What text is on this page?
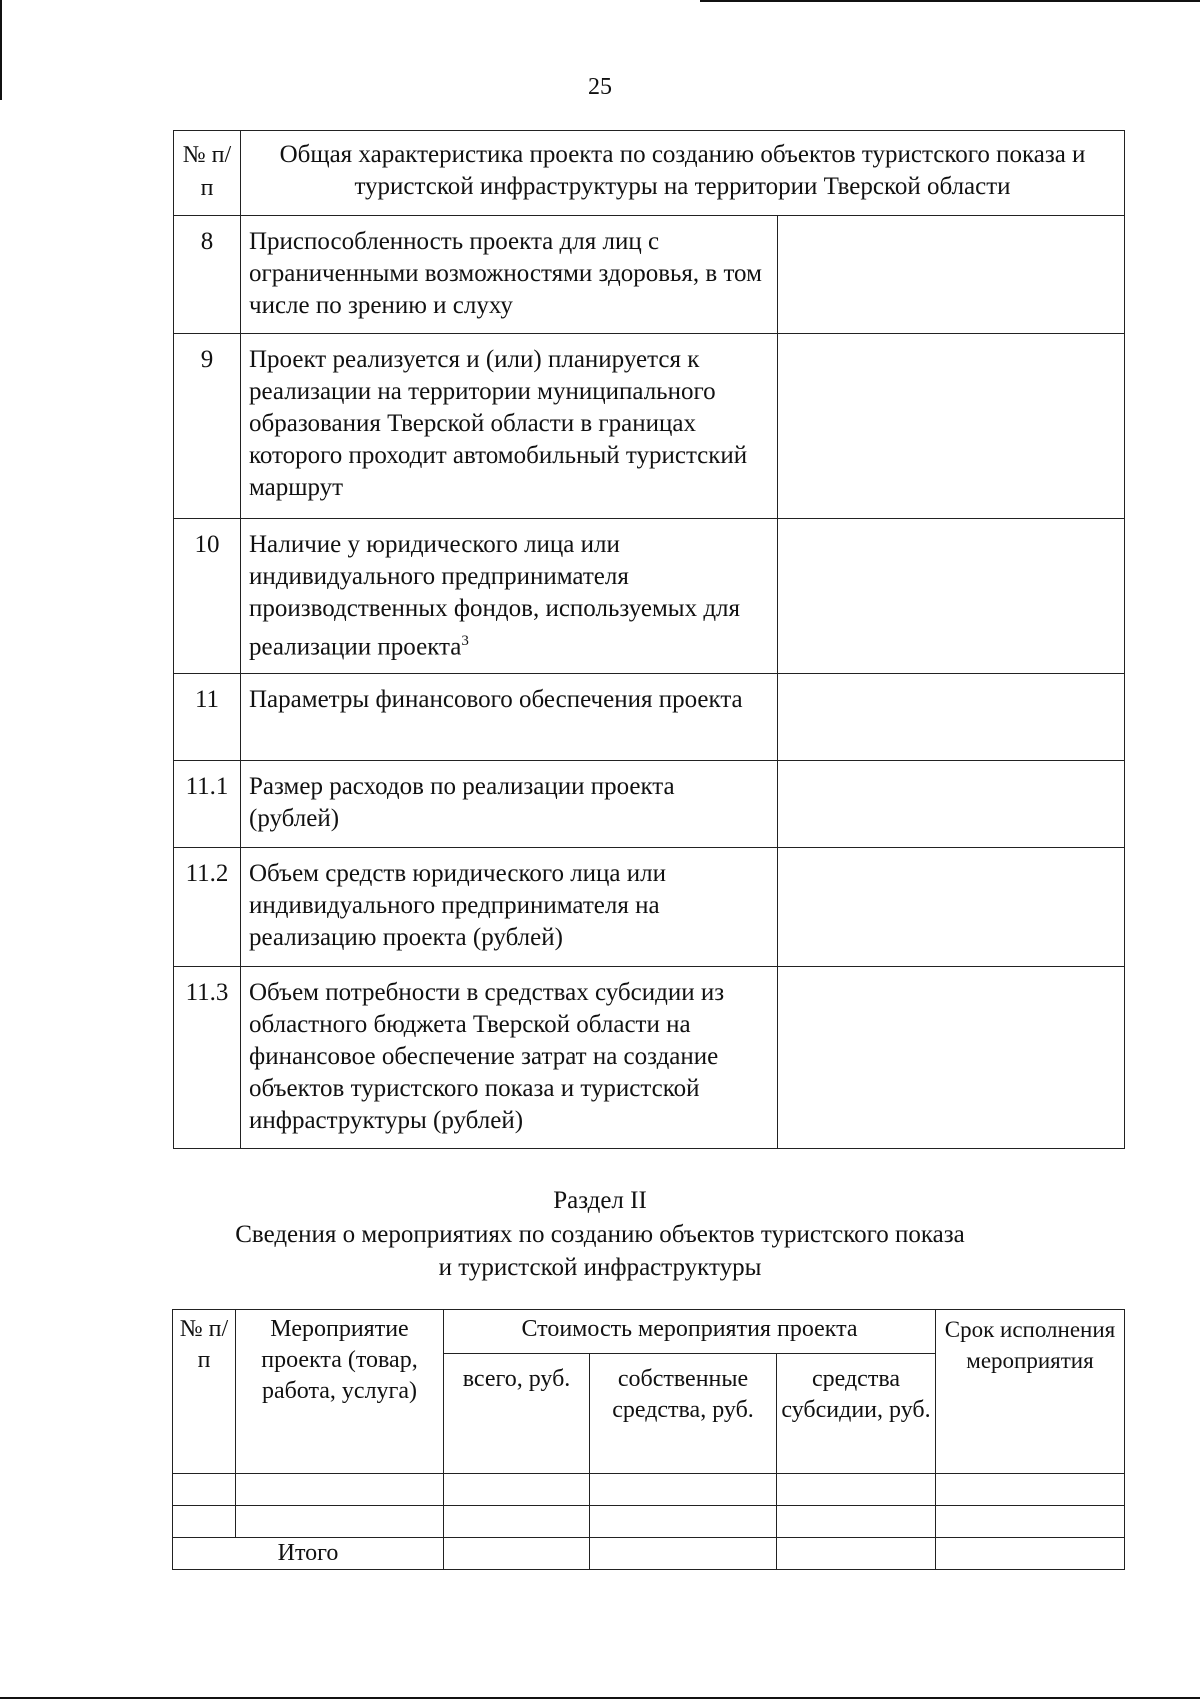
25
№ п/п	Общая характеристика проекта по созданию объектов туристского показа и туристской инфраструктуры на территории Тверской области	
8	Приспособленность проекта для лиц с ограниченными возможностями здоровья, в том числе по зрению и слуху	
9	Проект реализуется и (или) планируется к реализации на территории муниципального образования Тверской области в границах которого проходит автомобильный туристский маршрут	
10	Наличие у юридического лица или индивидуального предпринимателя производственных фондов, используемых для реализации проекта$^3$	
11	Параметры финансового обеспечения проекта	
11.1	Размер расходов по реализации проекта (рублей)	
11.2	Объем средств юридического лица или индивидуального предпринимателя на реализацию проекта (рублей)	
11.3	Объем потребности в средствах субсидии из областного бюджета Тверской области на финансовое обеспечение затрат на создание объектов туристского показа и туристской инфраструктуры (рублей)	
Раздел II
Сведения о мероприятиях по созданию объектов туристского показа
и туристской инфраструктуры
№ п/п	Мероприятие проекта (товар, работа, услуга)	Стоимость мероприятия проекта			Срок исполнения мероприятия
		всего, руб.	собственные средства, руб.	средства субсидии, руб.	

Итого					
